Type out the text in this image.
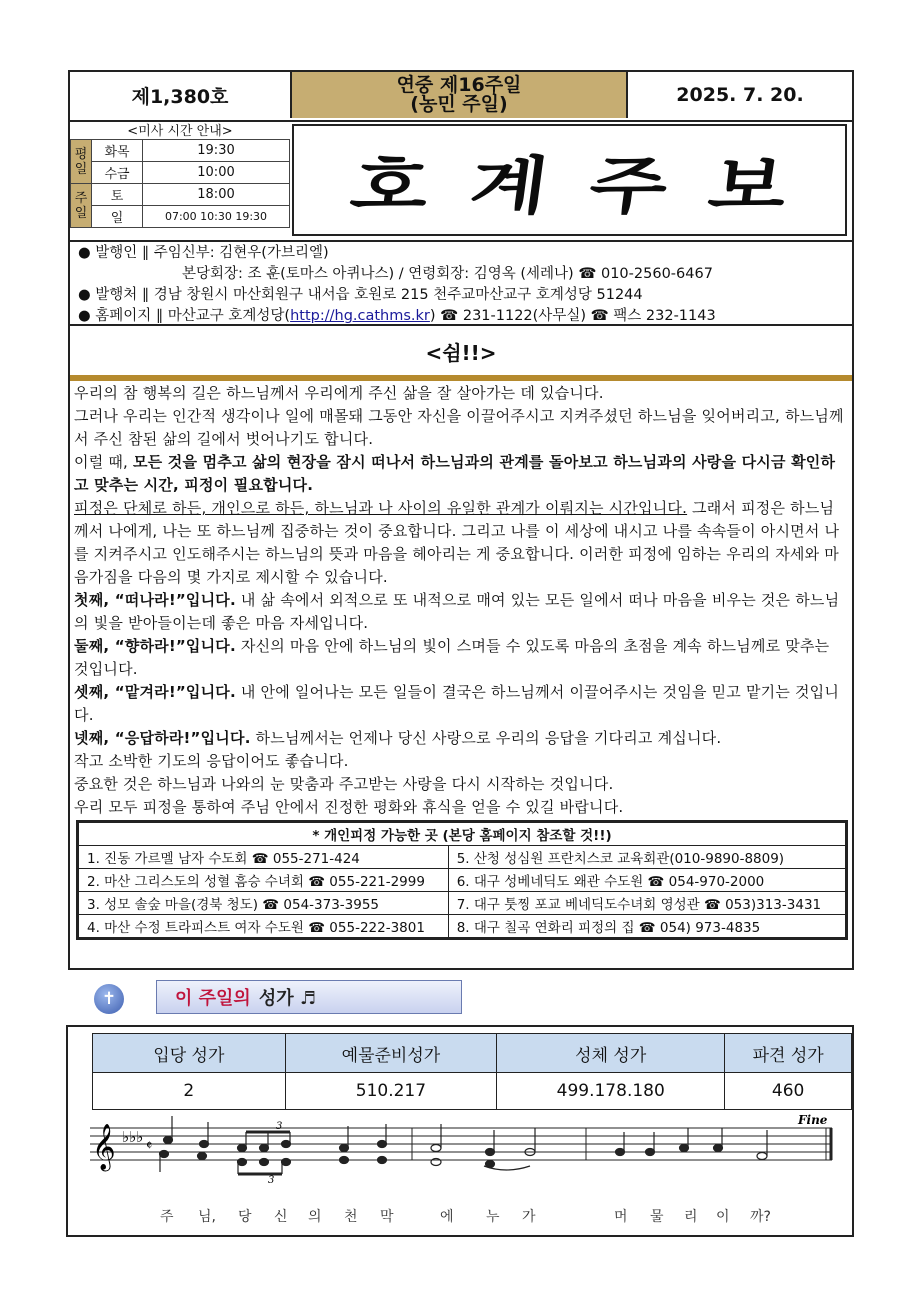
제1,380호
연중 제16주일
(농민 주일)	2025. 7. 20.
<미사 시간 안내>		
평일	화목	19:30
	수금	10:00
주일	토	18:00
	일	07:00 10:30 19:30 호계주보
● 발행인 ∥ 주임신부: 김현우(가브리엘)
본당회장: 조 훈(토마스 아퀴나스) / 연령회장: 김영옥 (세레나) ☎ 010-2560-6467
● 발행처 ∥ 경남 창원시 마산회원구 내서읍 호원로 215 천주교마산교구 호계성당 51244
● 홈페이지 ∥ 마산교구 호계성당(http://hg.cathms.kr) ☎ 231-1122(사무실) ☎ 팩스 232-1143
<쉼!!>

우리의 참 행복의 길은 하느님께서 우리에게 주신 삶을 잘 살아가는 데 있습니다.

그러나 우리는 인간적 생각이나 일에 매몰돼 그동안 자신을 이끌어주시고 지켜주셨던 하느님을 잊어버리고, 하느님께서 주신 참된 삶의 길에서 벗어나기도 합니다.

이럴 때, 모든 것을 멈추고 삶의 현장을 잠시 떠나서 하느님과의 관계를 돌아보고 하느님과의 사랑을 다시금 확인하고 맞추는 시간, 피정이 필요합니다.

피정은 단체로 하든, 개인으로 하든, 하느님과 나 사이의 유일한 관계가 이뤄지는 시간입니다. 그래서 피정은 하느님께서 나에게, 나는 또 하느님께 집중하는 것이 중요합니다. 그리고 나를 이 세상에 내시고 나를 속속들이 아시면서 나를 지켜주시고 인도해주시는 하느님의 뜻과 마음을 헤아리는 게 중요합니다. 이러한 피정에 임하는 우리의 자세와 마음가짐을 다음의 몇 가지로 제시할 수 있습니다.

첫째, “떠나라!”입니다. 내 삶 속에서 외적으로 또 내적으로 매여 있는 모든 일에서 떠나 마음을 비우는 것은 하느님의 빛을 받아들이는데 좋은 마음 자세입니다.

둘째, “향하라!”입니다. 자신의 마음 안에 하느님의 빛이 스며들 수 있도록 마음의 초점을 계속 하느님께로 맞추는 것입니다.

셋째, “맡겨라!”입니다. 내 안에 일어나는 모든 일들이 결국은 하느님께서 이끌어주시는 것임을 믿고 맡기는 것입니다.

넷째, “응답하라!”입니다. 하느님께서는 언제나 당신 사랑으로 우리의 응답을 기다리고 계십니다.

작고 소박한 기도의 응답이어도 좋습니다.

중요한 것은 하느님과 나와의 눈 맞춤과 주고받는 사랑을 다시 시작하는 것입니다.

우리 모두 피정을 통하여 주님 안에서 진정한 평화와 휴식을 얻을 수 있길 바랍니다.

* 개인피정 가능한 곳 (본당 홈페이지 참조할 것!!)	
1. 진동 가르멜 남자 수도회 ☎ 055-271-424	5. 산청 성심원 프란치스코 교육회관(010-9890-8809)
2. 마산 그리스도의 성혈 흠승 수녀회 ☎ 055-221-2999	6. 대구 성베네딕도 왜관 수도원 ☎ 054-970-2000
3. 성모 솔숲 마을(경북 청도) ☎ 054-373-3955	7. 대구 툿찡 포교 베네딕도수녀회 영성관 ☎ 053)313-3431
4. 마산 수정 트라피스트 여자 수도원 ☎ 055-222-3801	8. 대구 칠곡 연화리 피정의 집 ☎ 054) 973-4835
✝	이 주일의 성가 ♬
입당 성가	예물준비성가	성체 성가	파견 성가
2	510.217	499.178.180	460
𝄞 ♭♭♭ 𝄵
Fine
3
3
주 님, 당 신 의 천 막	에 누 가	머 물 리 이 까?
